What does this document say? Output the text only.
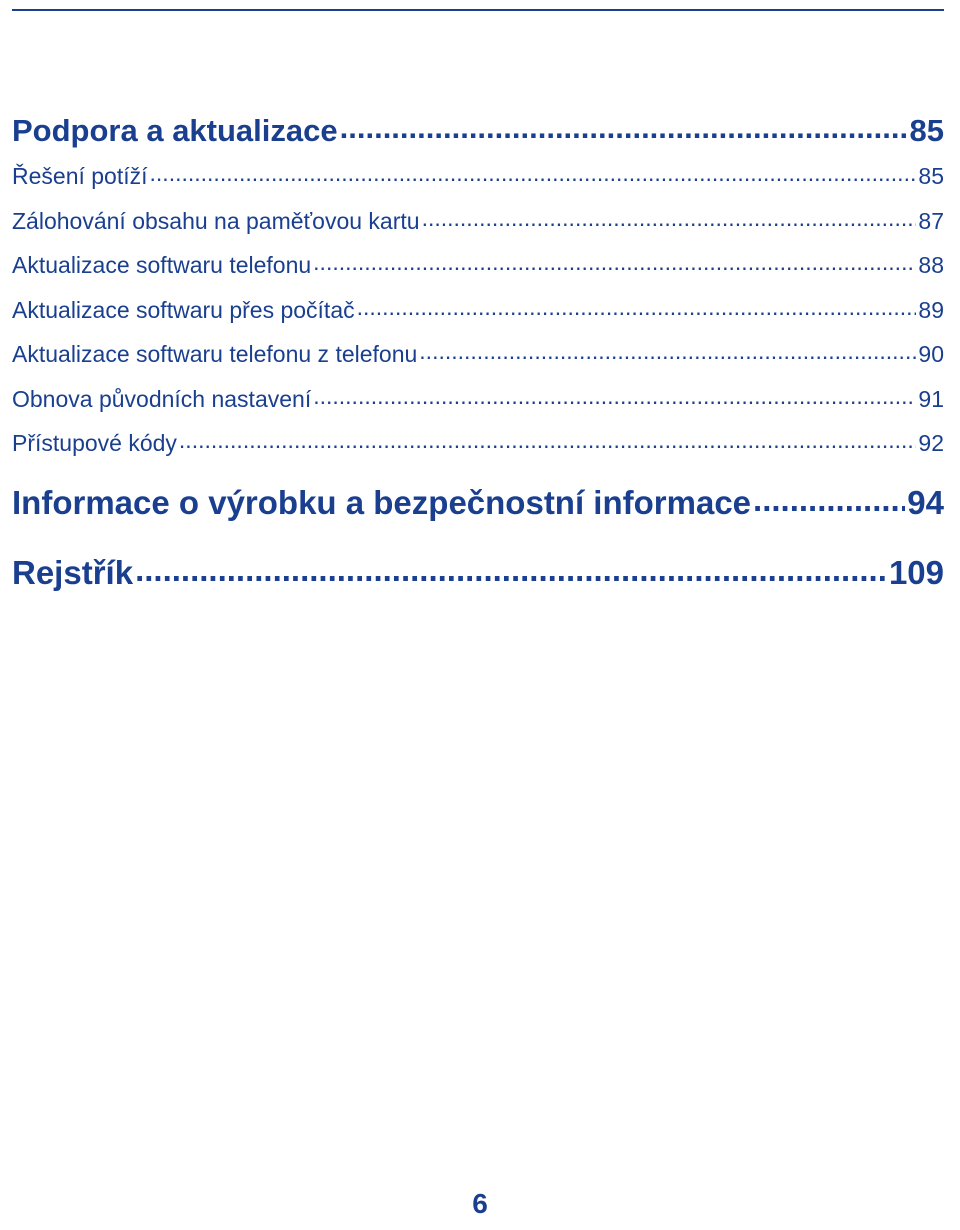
Podpora a aktualizace .....	85
Řešení potíží .....	85
Zálohování obsahu na paměťovou kartu .....	87
Aktualizace softwaru telefonu .....	88
Aktualizace softwaru přes počítač .....	89
Aktualizace softwaru telefonu z telefonu .....	90
Obnova původních nastavení .....	91
Přístupové kódy .....	92
Informace o výrobku a bezpečnostní informace .....	94
Rejstřík .....	109
6
